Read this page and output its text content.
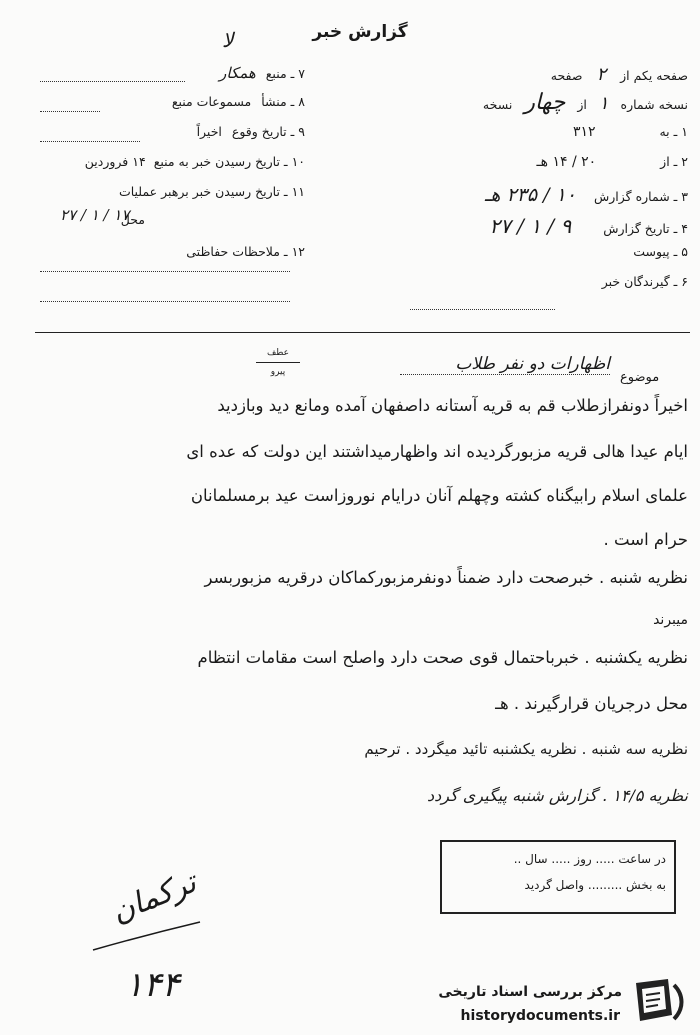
گزارش خبر
لا
صفحه یکم از ۲ صفحه
نسخه شماره ۱ از چهار نسخه
۱ ـ به ۳۱۲
۲ ـ از ۲۰ / ۱۴ هـ
۳ ـ شماره گزارش ۱۰ / ۲۳۵ هـ
۴ ـ تاریخ گزارش ۹ / ۱ / ۲۷
۵ ـ پیوست
۶ ـ گیرندگان خبر
۷ ـ منبع همکار
۸ ـ منشأ مسموعات منبع
۹ ـ تاریخ وقوع اخیراً
۱۰ ـ تاریخ رسیدن خبر به منبع ۱۴ فروردین
۱۱ ـ تاریخ رسیدن خبر برهبر عملیات
۲۷ / ۱ / ۱۷
محل
۱۲ ـ ملاحظات حفاظتی
موضوع
اظهارات دو نفر طلاب
عطف
پیرو
اخیراً دونفرازطلاب قم به قریه آستانه داصفهان آمده ومانع دید وبازدید
ایام عیدا هالی قریه مزبورگردیده اند واظهارمیداشتند این دولت که عده ای
علمای اسلام رابیگناه کشته وچهلم آنان درایام نوروزاست عید برمسلمانان
حرام است .
نظریه شنبه . خبرصحت دارد ضمناً دونفرمزبورکماکان درقریه مزبوربسر
میبرند
نظریه یکشنبه . خبرباحتمال قوی صحت دارد واصلح است مقامات انتظام
محل درجریان قرارگیرند . هـ
نظریه سه شنبه . نظریه یکشنبه تائید میگردد . ترحیم
نظریه ۱۴/۵ . گزارش شنبه پیگیری گردد
در ساعت ..... روز ..... سال ..
به بخش ......... واصل گردید
ترکمان
۱۴۴	مرکز بررسی اسناد تاریخی
historydocuments.ir
